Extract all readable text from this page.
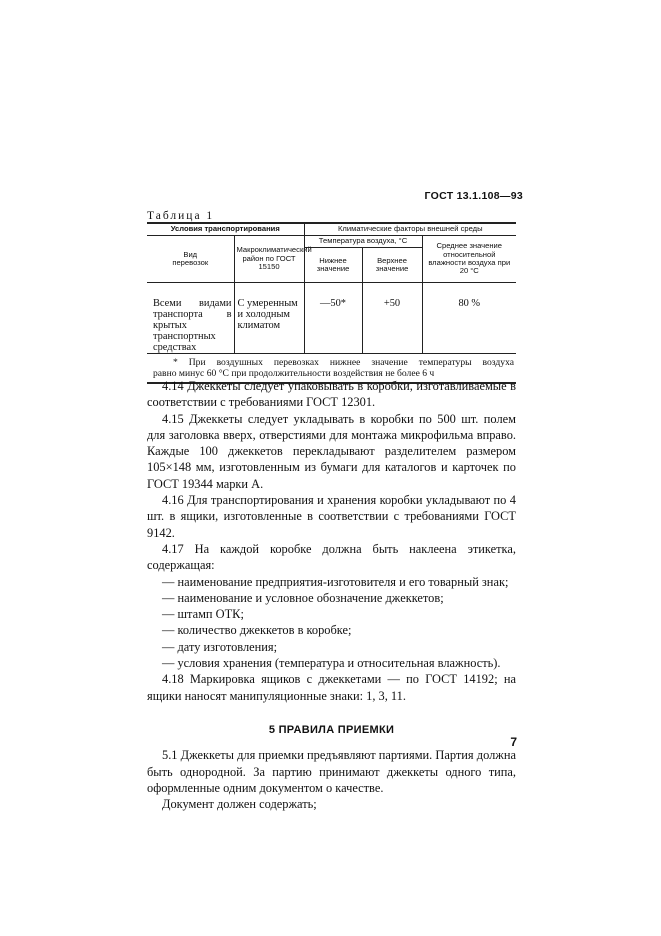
ГОСТ 13.1.108—93
Таблица 1
Условия транспортирования		Климатические факторы внешней среды		

Вид перевозок	Макроклиматический район по ГОСТ 15150	Температура воздуха, °С		Среднее значение относительной влажности воздуха при 20 °С

		Нижнее значение	Верхнее значение	

Всеми видами транспорта в крытых транспортных средствах	С умеренным и холодным климатом	—50*	+50	80 %

* При воздушных перевозках нижнее значение температуры воздуха
равно минус 60 °С при продолжительности воздействия не более 6 ч				

4.14 Джеккеты следует упаковывать в коробки, изготавливаемые в соответствии с требованиями ГОСТ 12301.

4.15 Джеккеты следует укладывать в коробки по 500 шт. полем для заголовка вверх, отверстиями для монтажа микрофильма вправо. Каждые 100 джеккетов перекладывают разделителем размером 105×148 мм, изготовленным из бумаги для каталогов и карточек по ГОСТ 19344 марки А.

4.16 Для транспортирования и хранения коробки укладывают по 4 шт. в ящики, изготовленные в соответствии с требованиями ГОСТ 9142.

4.17 На каждой коробке должна быть наклеена этикетка, содержащая:

— наименование предприятия-изготовителя и его товарный знак;

— наименование и условное обозначение джеккетов;

— штамп ОТК;

— количество джеккетов в коробке;

— дату изготовления;

— условия хранения (температура и относительная влажность).

4.18 Маркировка ящиков с джеккетами — по ГОСТ 14192; на ящики наносят манипуляционные знаки: 1, 3, 11.

5 ПРАВИЛА ПРИЕМКИ

5.1 Джеккеты для приемки предъявляют партиями. Партия должна быть однородной. За партию принимают джеккеты одного типа, оформленные одним документом о качестве.

Документ должен содержать;

7
